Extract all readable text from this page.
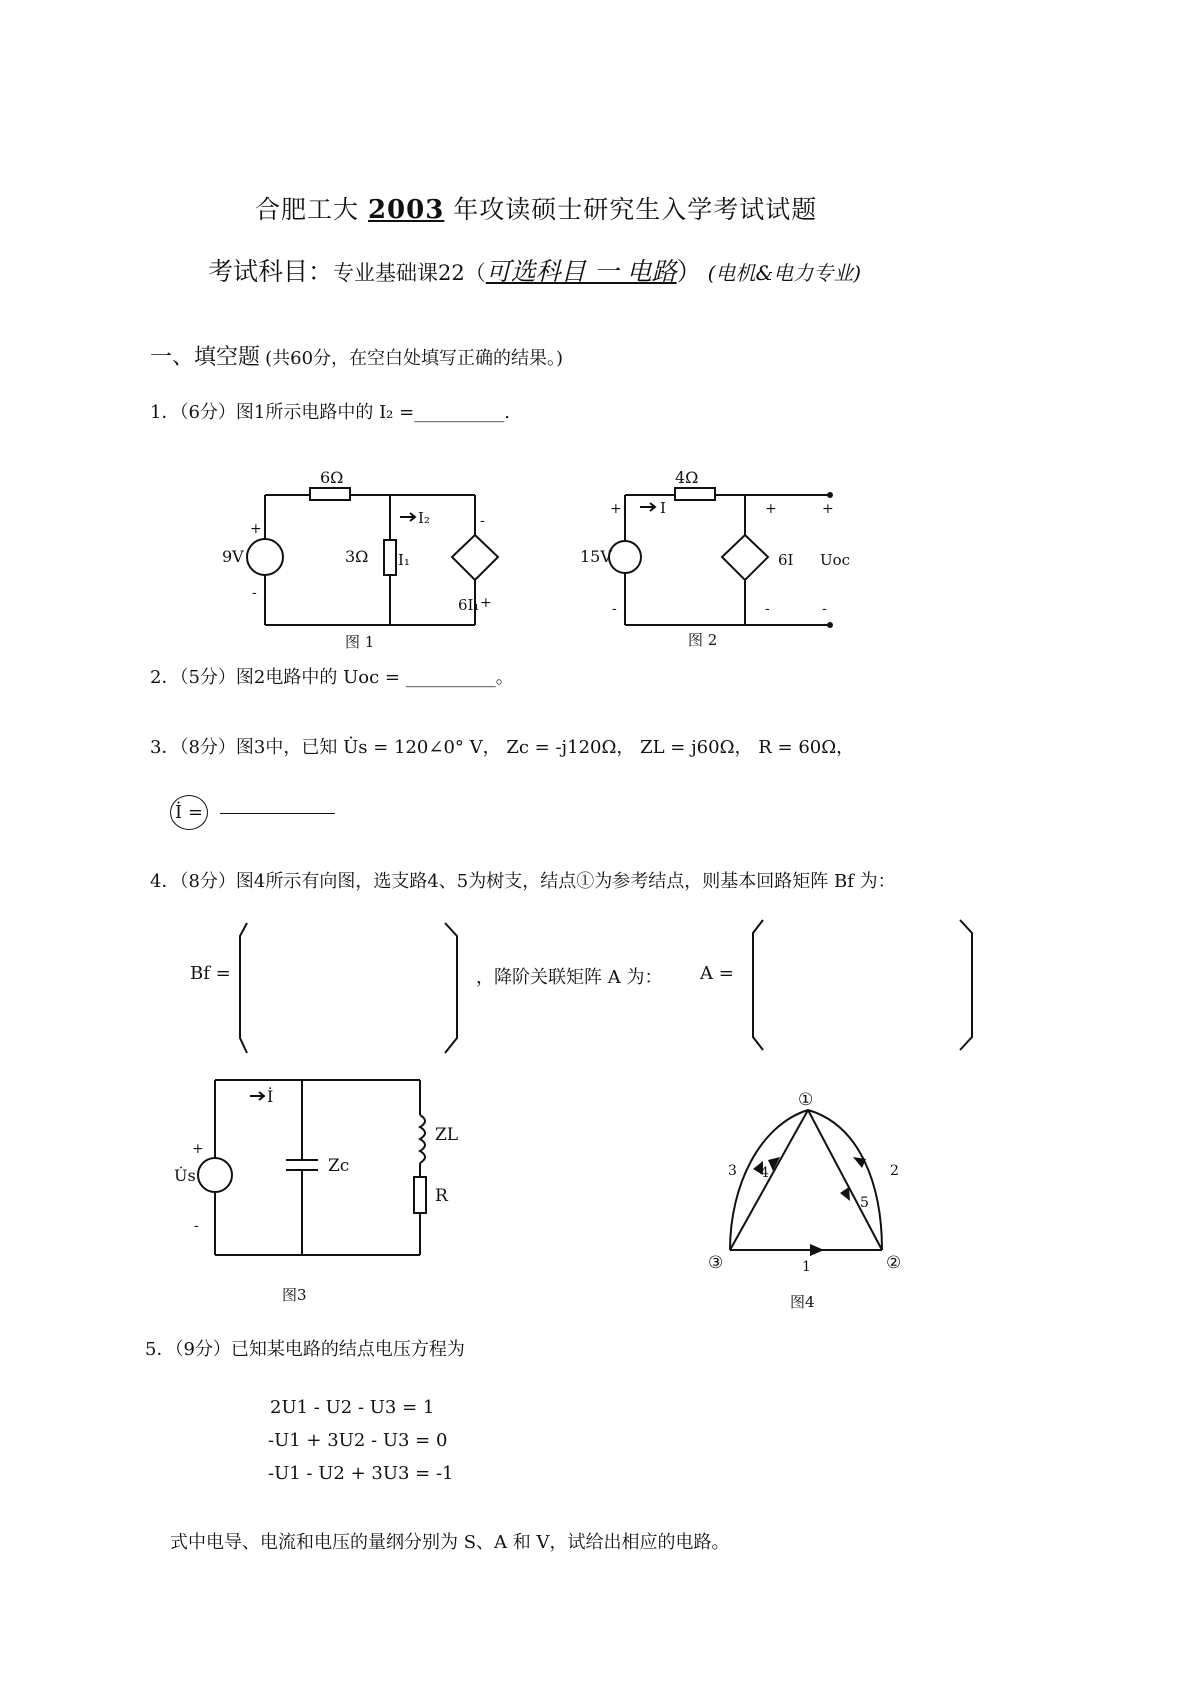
合肥工大 2003 年攻读硕士研究生入学考试试题
考试科目：专业基础课22（可选科目 一 电路） (电机&电力专业)
一、填空题 (共60分，在空白处填写正确的结果。)
1．（6分）图1所示电路中的 I₂ =__________.
6Ω
3Ω
9V	I₁
I₂
6I₁
+
-
-
+
图 1
4Ω
15V
I
6I Uoc
+
-
+
-
+
-
图 2
2．（5分）图2电路中的 Uoc = __________。
3．（8分）图3中，已知 U̇s = 120∠0° V， Zc = -j120Ω， ZL = j60Ω， R = 60Ω，
İ =
4．（8分）图4所示有向图，选支路4、5为树支，结点①为参考结点，则基本回路矩阵 Bf 为：
Bf =	，降阶关联矩阵 A 为： A =
U̇s
+
-
İ
Zc
ZL
R
图3
①
②
③	1
2
3 4
5
图4
5．（9分）已知某电路的结点电压方程为
2U1 - U2 - U3 = 1
-U1 + 3U2 - U3 = 0
-U1 - U2 + 3U3 = -1
式中电导、电流和电压的量纲分别为 S、A 和 V，试给出相应的电路。
